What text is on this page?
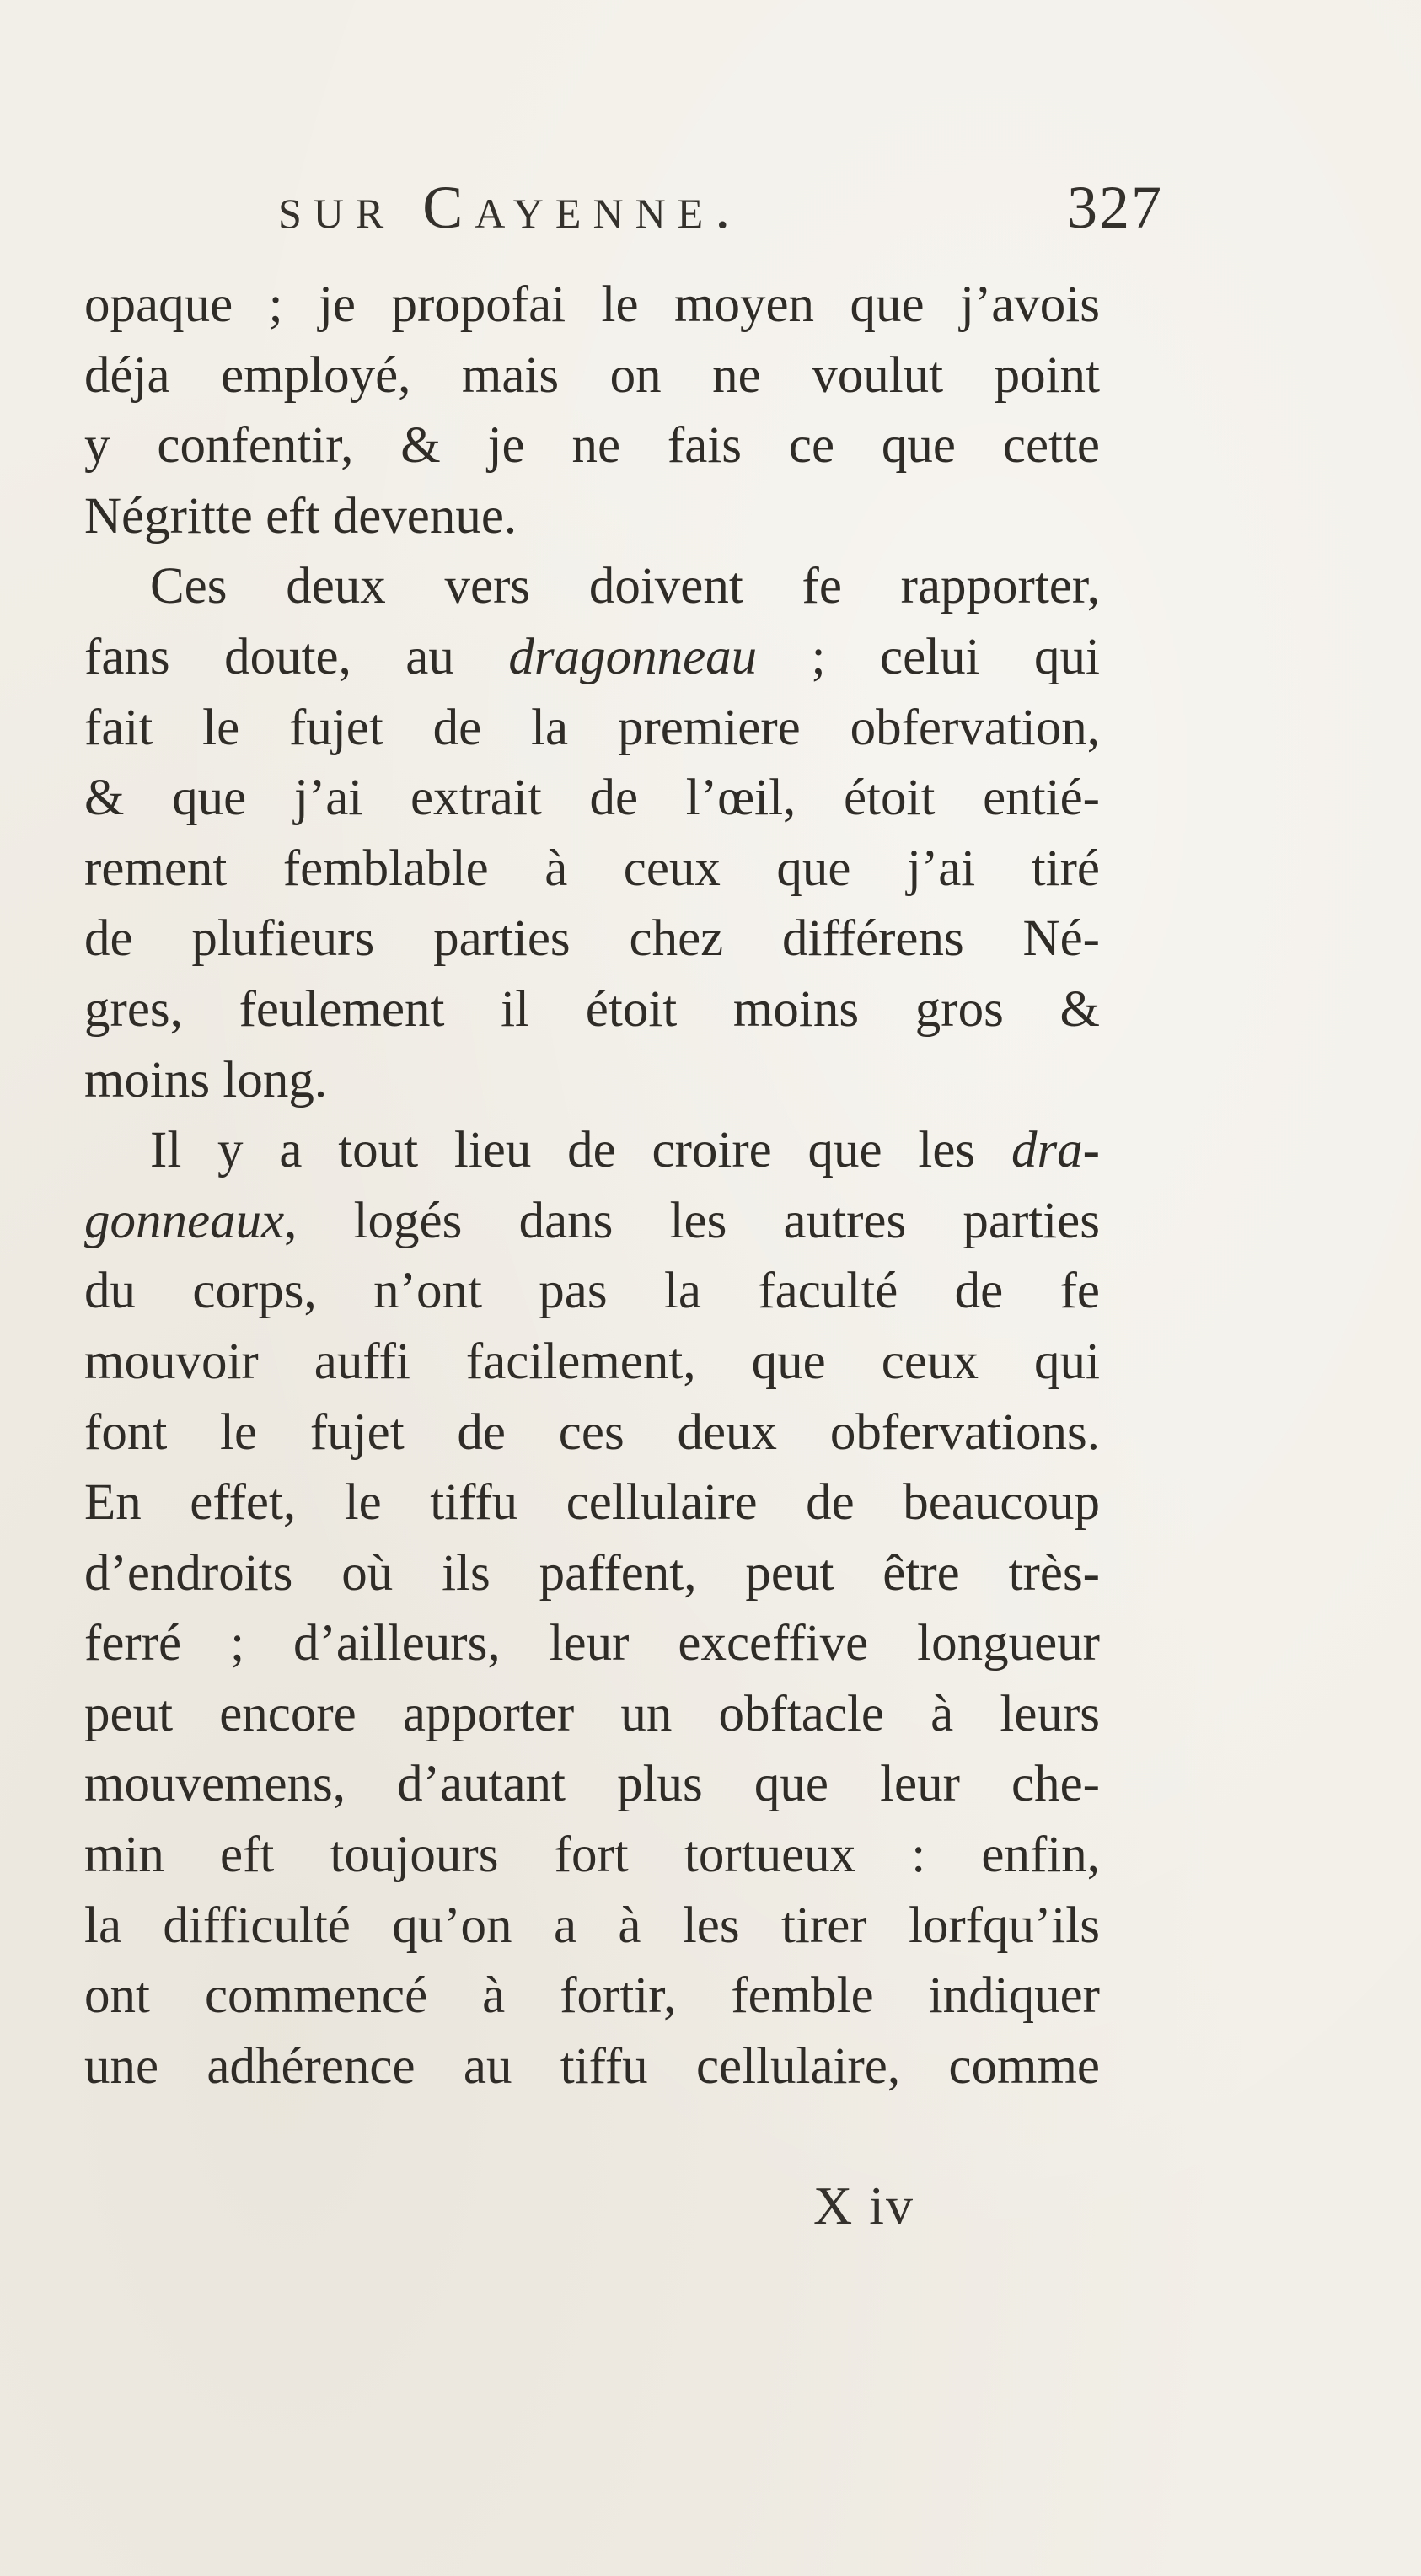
sur Cayenne.	327
opaque ; je propofai le moyen que j’avois
déja employé, mais on ne voulut point
y confentir, & je ne fais ce que cette
Négritte eft devenue.
Ces deux vers doivent fe rapporter,
fans doute, au dragonneau ; celui qui
fait le fujet de la premiere obfervation,
& que j’ai extrait de l’œil, étoit entié-
rement femblable à ceux que j’ai tiré
de plufieurs parties chez différens Né-
gres, feulement il étoit moins gros &
moins long.
Il y a tout lieu de croire que les dra-
gonneaux, logés dans les autres parties
du corps, n’ont pas la faculté de fe
mouvoir auffi facilement, que ceux qui
font le fujet de ces deux obfervations.
En effet, le tiffu cellulaire de beaucoup
d’endroits où ils paffent, peut être très-
ferré ; d’ailleurs, leur exceffive longueur
peut encore apporter un obftacle à leurs
mouvemens, d’autant plus que leur che-
min eft toujours fort tortueux : enfin,
la difficulté qu’on a à les tirer lorfqu’ils
ont commencé à fortir, femble indiquer
une adhérence au tiffu cellulaire, comme
X iv
